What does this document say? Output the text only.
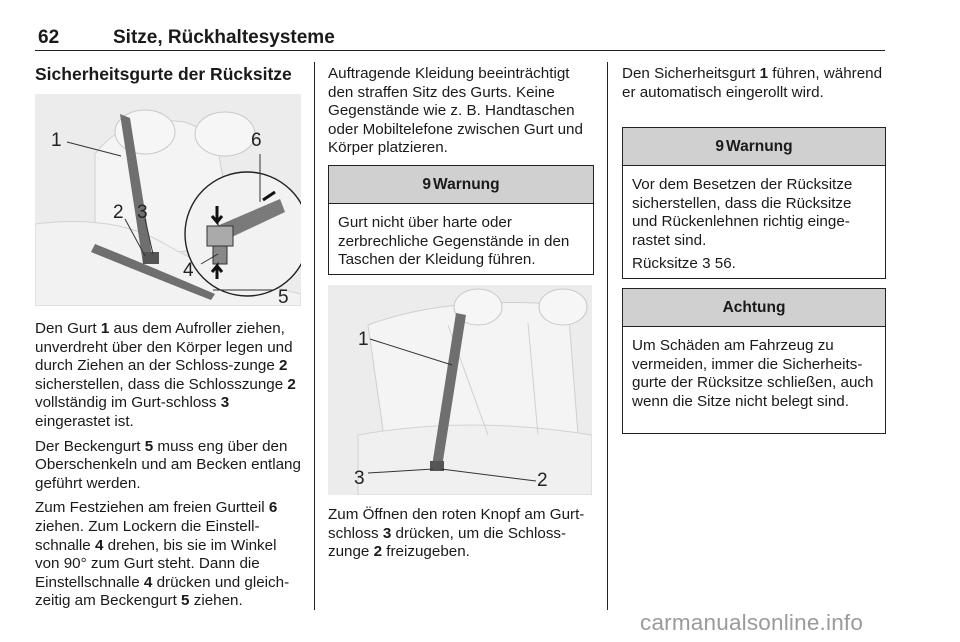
62	Sitze, Rückhaltesysteme
Sicherheitsgurte der Rücksitze
1
2 3
4
5
6

Den Gurt 1 aus dem Aufroller ziehen, unverdreht über den Körper legen und durch Ziehen an der Schloss-zunge 2 sicherstellen, dass die Schlosszunge 2 vollständig im Gurt-schloss 3 eingerastet ist.

Der Beckengurt 5 muss eng über den Oberschenkeln und am Becken entlang geführt werden.

Zum Festziehen am freien Gurtteil 6 ziehen. Zum Lockern die Einstell-schnalle 4 drehen, bis sie im Winkel von 90° zum Gurt steht. Dann die Einstellschnalle 4 drücken und gleich-zeitig am Beckengurt 5 ziehen.

Auftragende Kleidung beeinträchtigt den straffen Sitz des Gurts. Keine Gegenstände wie z. B. Handtaschen oder Mobiltelefone zwischen Gurt und Körper platzieren.

9 Warnung
Gurt nicht über harte oder zerbrechliche Gegenstände in den Taschen der Kleidung führen.
1
3	2

Zum Öffnen den roten Knopf am Gurt-schloss 3 drücken, um die Schloss-zunge 2 freizugeben.

Den Sicherheitsgurt 1 führen, während er automatisch eingerollt wird.

9 Warnung

Vor dem Besetzen der Rücksitze sicherstellen, dass die Rücksitze und Rückenlehnen richtig einge-rastet sind.

Rücksitze 3 56.

Achtung
Um Schäden am Fahrzeug zu vermeiden, immer die Sicherheits-gurte der Rücksitze schließen, auch wenn die Sitze nicht belegt sind.
carmanualsonline.info
